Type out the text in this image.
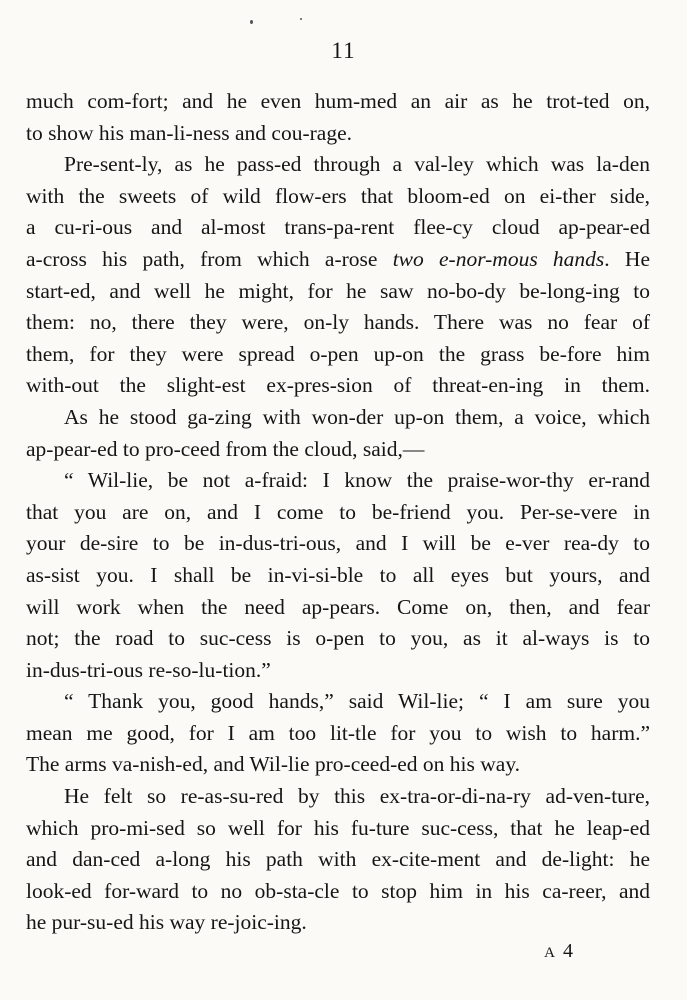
11
much com-fort; and he even hum-med an air as he trot-ted on,
to show his man-li-ness and cou-rage.
Pre-sent-ly, as he pass-ed through a val-ley which was la-den
with the sweets of wild flow-ers that bloom-ed on ei-ther side,
a cu-ri-ous and al-most trans-pa-rent flee-cy cloud ap-pear-ed
a-cross his path, from which a-rose two e-nor-mous hands. He
start-ed, and well he might, for he saw no-bo-dy be-long-ing to
them: no, there they were, on-ly hands. There was no fear of
them, for they were spread o-pen up-on the grass be-fore him
with-out the slight-est ex-pres-sion of threat-en-ing in them.
As he stood ga-zing with won-der up-on them, a voice, which
ap-pear-ed to pro-ceed from the cloud, said,—
“ Wil-lie, be not a-fraid: I know the praise-wor-thy er-rand
that you are on, and I come to be-friend you. Per-se-vere in
your de-sire to be in-dus-tri-ous, and I will be e-ver rea-dy to
as-sist you. I shall be in-vi-si-ble to all eyes but yours, and
will work when the need ap-pears. Come on, then, and fear
not; the road to suc-cess is o-pen to you, as it al-ways is to
in-dus-tri-ous re-so-lu-tion.”
“ Thank you, good hands,” said Wil-lie; “ I am sure you
mean me good, for I am too lit-tle for you to wish to harm.”
The arms va-nish-ed, and Wil-lie pro-ceed-ed on his way.
He felt so re-as-su-red by this ex-tra-or-di-na-ry ad-ven-ture,
which pro-mi-sed so well for his fu-ture suc-cess, that he leap-ed
and dan-ced a-long his path with ex-cite-ment and de-light: he
look-ed for-ward to no ob-sta-cle to stop him in his ca-reer, and
he pur-su-ed his way re-joic-ing.
A 4
